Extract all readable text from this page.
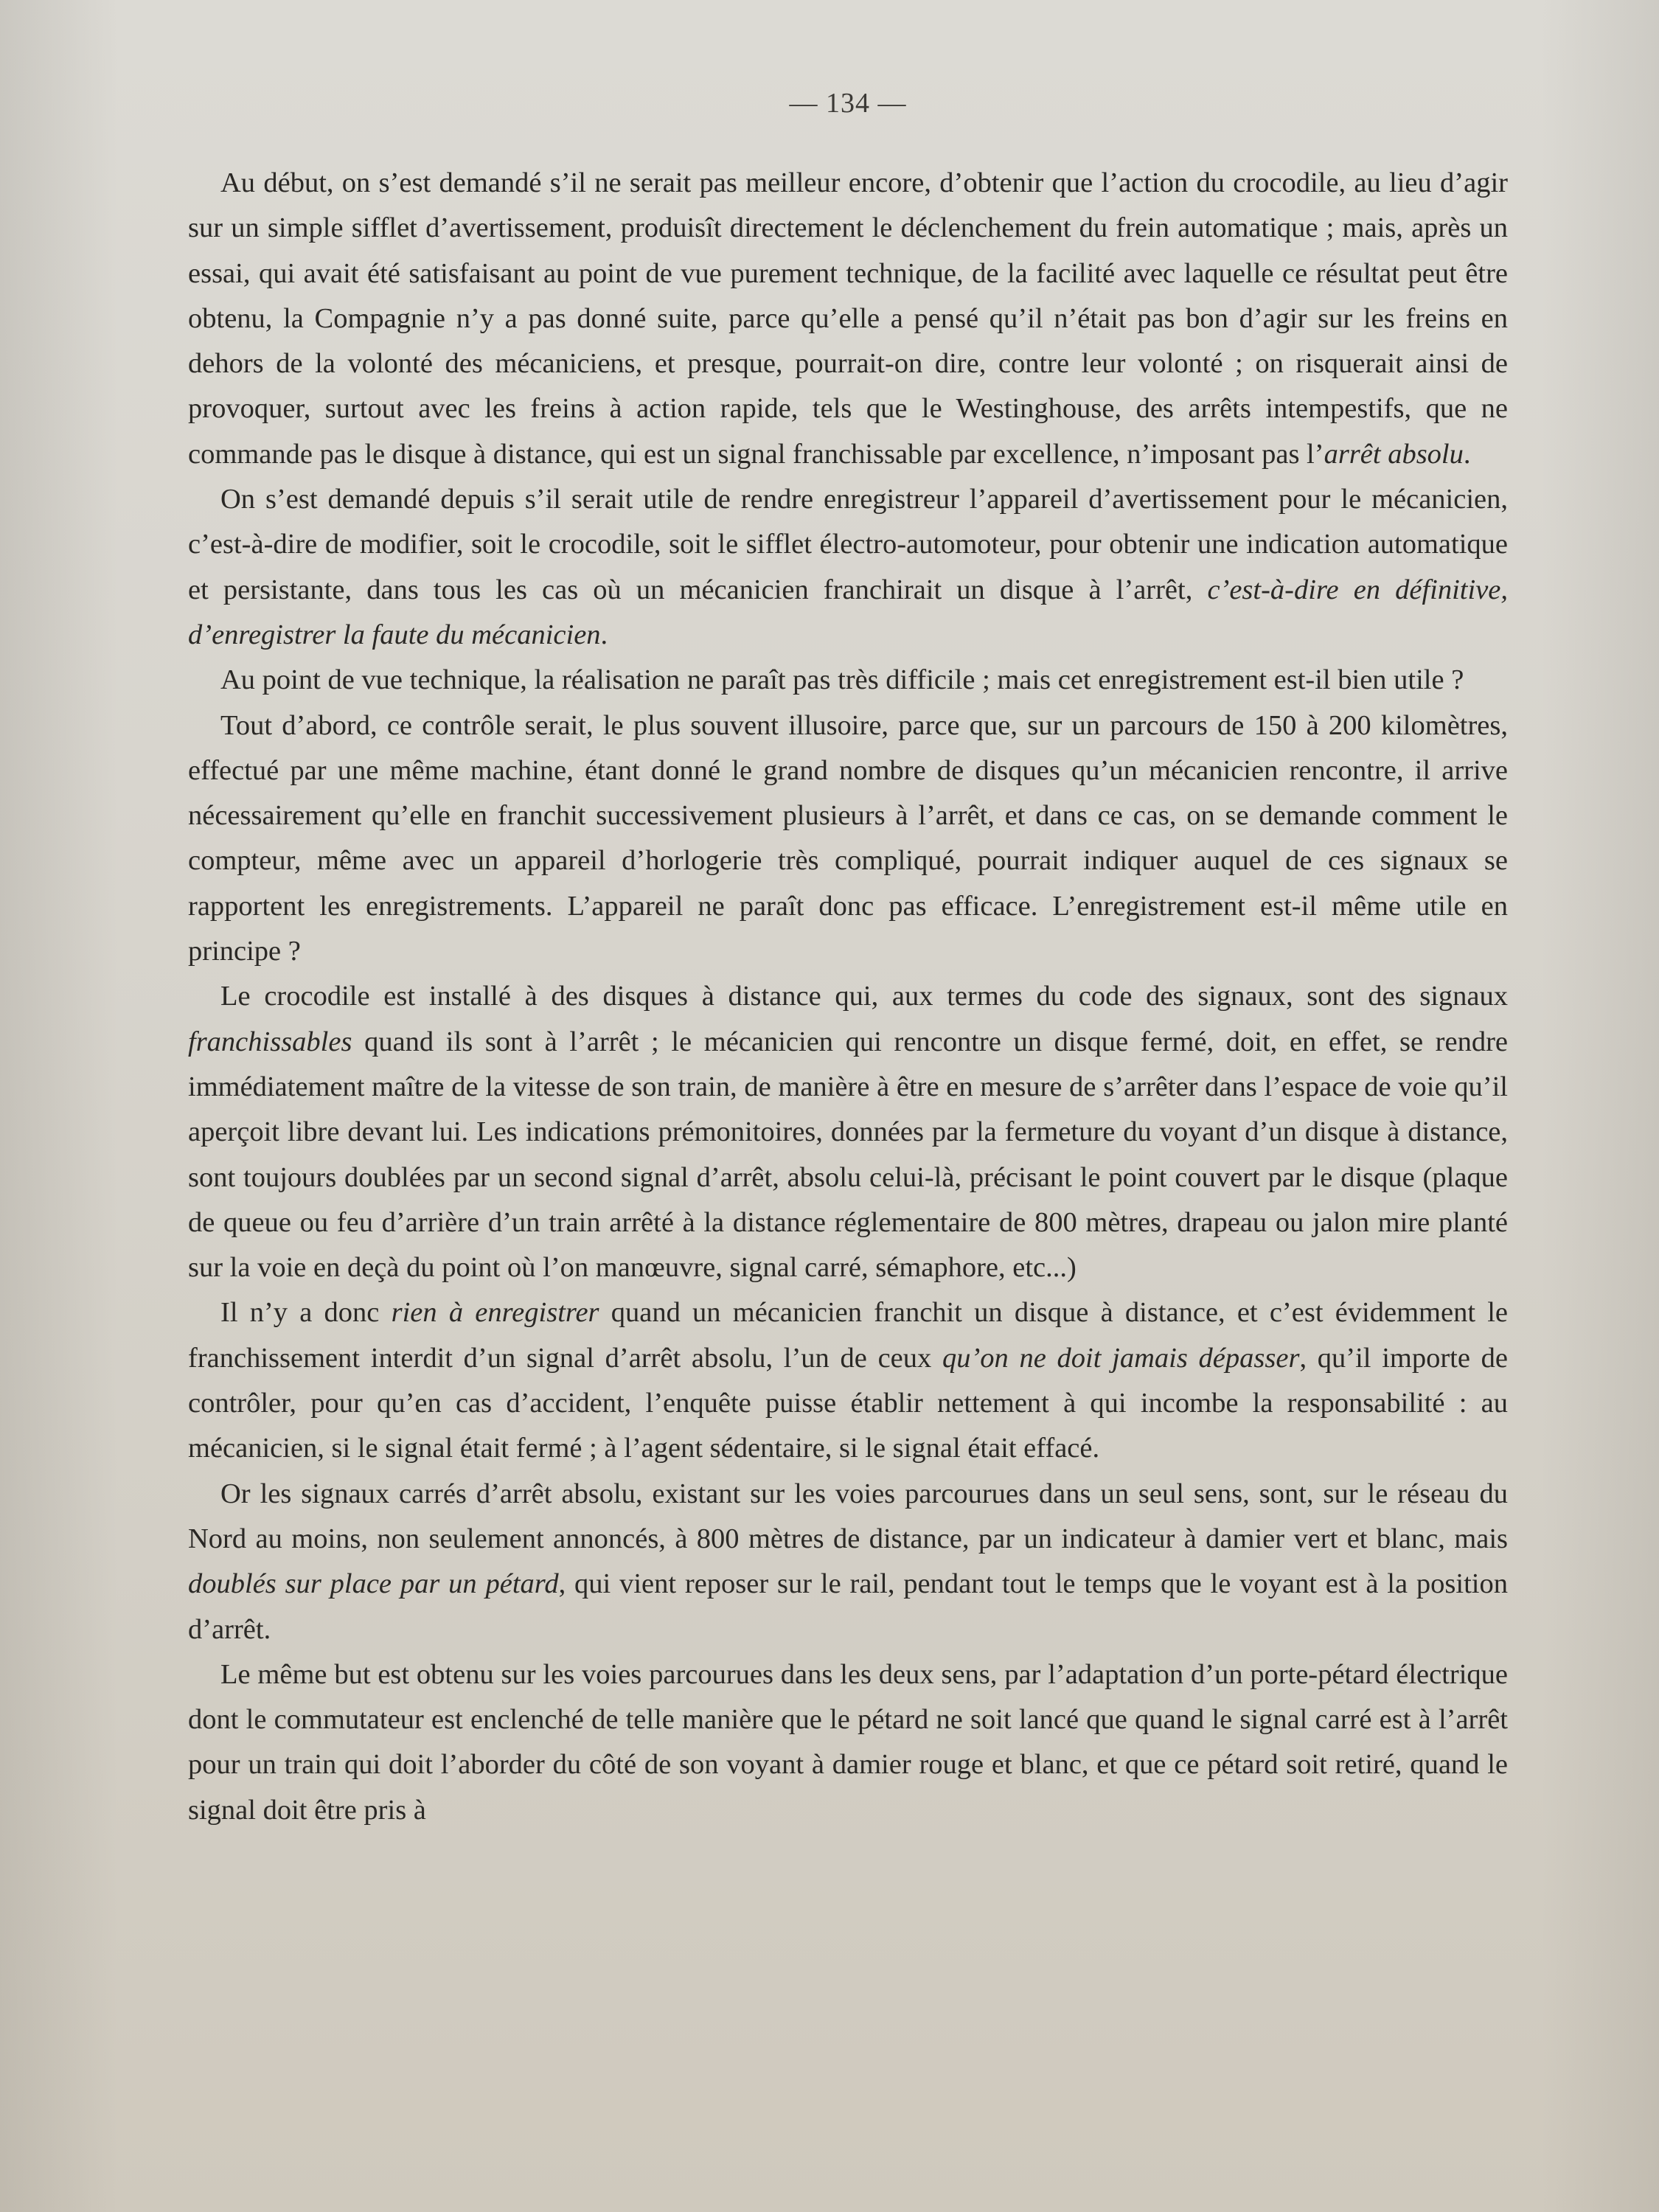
— 134 —

Au début, on s’est demandé s’il ne serait pas meilleur encore, d’obtenir que l’action du crocodile, au lieu d’agir sur un simple sifflet d’avertissement, produisît directement le déclenchement du frein automatique ; mais, après un essai, qui avait été satisfaisant au point de vue purement technique, de la facilité avec laquelle ce résultat peut être obtenu, la Compagnie n’y a pas donné suite, parce qu’elle a pensé qu’il n’était pas bon d’agir sur les freins en dehors de la volonté des mécaniciens, et presque, pourrait-on dire, contre leur volonté ; on risquerait ainsi de provoquer, surtout avec les freins à action rapide, tels que le Westinghouse, des arrêts intempestifs, que ne commande pas le disque à distance, qui est un signal franchissable par excellence, n’imposant pas l’arrêt absolu.

On s’est demandé depuis s’il serait utile de rendre enregistreur l’appareil d’avertissement pour le mécanicien, c’est-à-dire de modifier, soit le crocodile, soit le sifflet électro-automoteur, pour obtenir une indication automatique et persistante, dans tous les cas où un mécanicien franchirait un disque à l’arrêt, c’est-à-dire en définitive, d’enregistrer la faute du mécanicien.

Au point de vue technique, la réalisation ne paraît pas très difficile ; mais cet enregistrement est-il bien utile ?

Tout d’abord, ce contrôle serait, le plus souvent illusoire, parce que, sur un parcours de 150 à 200 kilomètres, effectué par une même machine, étant donné le grand nombre de disques qu’un mécanicien rencontre, il arrive nécessairement qu’elle en franchit successivement plusieurs à l’arrêt, et dans ce cas, on se demande comment le compteur, même avec un appareil d’horlogerie très compliqué, pourrait indiquer auquel de ces signaux se rapportent les enregistrements. L’appareil ne paraît donc pas efficace. L’enregistrement est-il même utile en principe ?

Le crocodile est installé à des disques à distance qui, aux termes du code des signaux, sont des signaux franchissables quand ils sont à l’arrêt ; le mécanicien qui rencontre un disque fermé, doit, en effet, se rendre immédiatement maître de la vitesse de son train, de manière à être en mesure de s’arrêter dans l’espace de voie qu’il aperçoit libre devant lui. Les indications prémonitoires, données par la fermeture du voyant d’un disque à distance, sont toujours doublées par un second signal d’arrêt, absolu celui-là, précisant le point couvert par le disque (plaque de queue ou feu d’arrière d’un train arrêté à la distance réglementaire de 800 mètres, drapeau ou jalon mire planté sur la voie en deçà du point où l’on manœuvre, signal carré, sémaphore, etc...)

Il n’y a donc rien à enregistrer quand un mécanicien franchit un disque à distance, et c’est évidemment le franchissement interdit d’un signal d’arrêt absolu, l’un de ceux qu’on ne doit jamais dépasser, qu’il importe de contrôler, pour qu’en cas d’accident, l’enquête puisse établir nettement à qui incombe la responsabilité : au mécanicien, si le signal était fermé ; à l’agent sédentaire, si le signal était effacé.

Or les signaux carrés d’arrêt absolu, existant sur les voies parcourues dans un seul sens, sont, sur le réseau du Nord au moins, non seulement annoncés, à 800 mètres de distance, par un indicateur à damier vert et blanc, mais doublés sur place par un pétard, qui vient reposer sur le rail, pendant tout le temps que le voyant est à la position d’arrêt.

Le même but est obtenu sur les voies parcourues dans les deux sens, par l’adaptation d’un porte-pétard électrique dont le commutateur est enclenché de telle manière que le pétard ne soit lancé que quand le signal carré est à l’arrêt pour un train qui doit l’aborder du côté de son voyant à damier rouge et blanc, et que ce pétard soit retiré, quand le signal doit être pris à
